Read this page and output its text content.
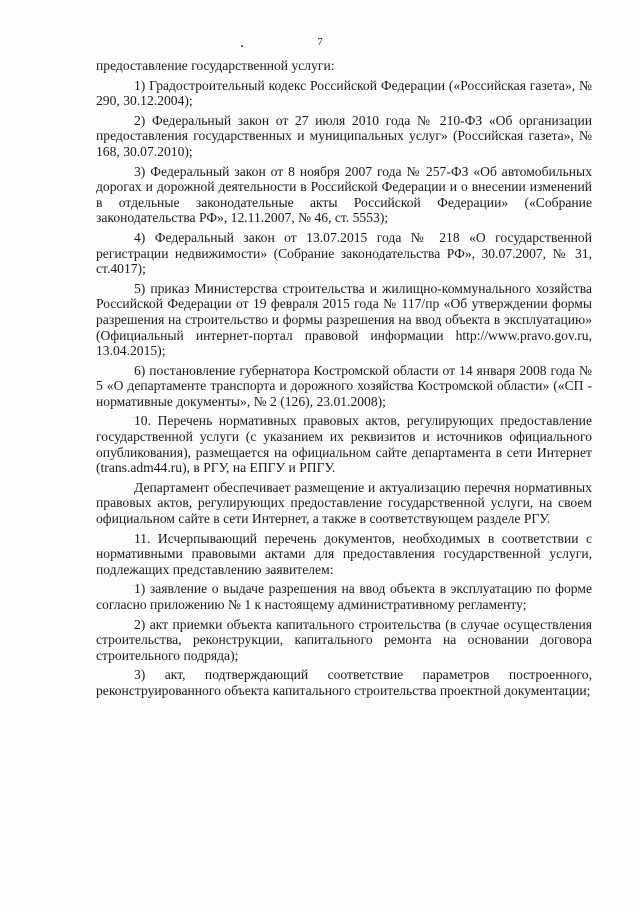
7

предоставление государственной услуги:

1) Градостроительный кодекс Российской Федерации («Российская газета», № 290, 30.12.2004);

2) Федеральный закон от 27 июля 2010 года № 210-ФЗ «Об организации предоставления государственных и муниципальных услуг» (Российская газета», № 168, 30.07.2010);

3) Федеральный закон от 8 ноября 2007 года № 257-ФЗ «Об автомобильных дорогах и дорожной деятельности в Российской Федерации и о внесении изменений в отдельные законодательные акты Российской Федерации» («Собрание законодательства РФ», 12.11.2007, № 46, ст. 5553);

4) Федеральный закон от 13.07.2015 года № 218 «О государственной регистрации недвижимости» (Собрание законодательства РФ», 30.07.2007, № 31, ст.4017);

5) приказ Министерства строительства и жилищно-коммунального хозяйства Российской Федерации от 19 февраля 2015 года № 117/пр «Об утверждении формы разрешения на строительство и формы разрешения на ввод объекта в эксплуатацию» (Официальный интернет-портал правовой информации http://www.pravo.gov.ru, 13.04.2015);

6) постановление губернатора Костромской области от 14 января 2008 года № 5 «О департаменте транспорта и дорожного хозяйства Костромской области» («СП - нормативные документы», № 2 (126), 23.01.2008);

10. Перечень нормативных правовых актов, регулирующих предоставление государственной услуги (с указанием их реквизитов и источников официального опубликования), размещается на официальном сайте департамента в сети Интернет (trans.adm44.ru), в РГУ, на ЕПГУ и РПГУ.

Департамент обеспечивает размещение и актуализацию перечня нормативных правовых актов, регулирующих предоставление государственной услуги, на своем официальном сайте в сети Интернет, а также в соответствующем разделе РГУ.

11. Исчерпывающий перечень документов, необходимых в соответствии с нормативными правовыми актами для предоставления государственной услуги, подлежащих представлению заявителем:

1) заявление о выдаче разрешения на ввод объекта в эксплуатацию по форме согласно приложению № 1 к настоящему административному регламенту;

2) акт приемки объекта капитального строительства (в случае осуществления строительства, реконструкции, капитального ремонта на основании договора строительного подряда);

3) акт, подтверждающий соответствие параметров построенного, реконструированного объекта капитального строительства проектной документации;
